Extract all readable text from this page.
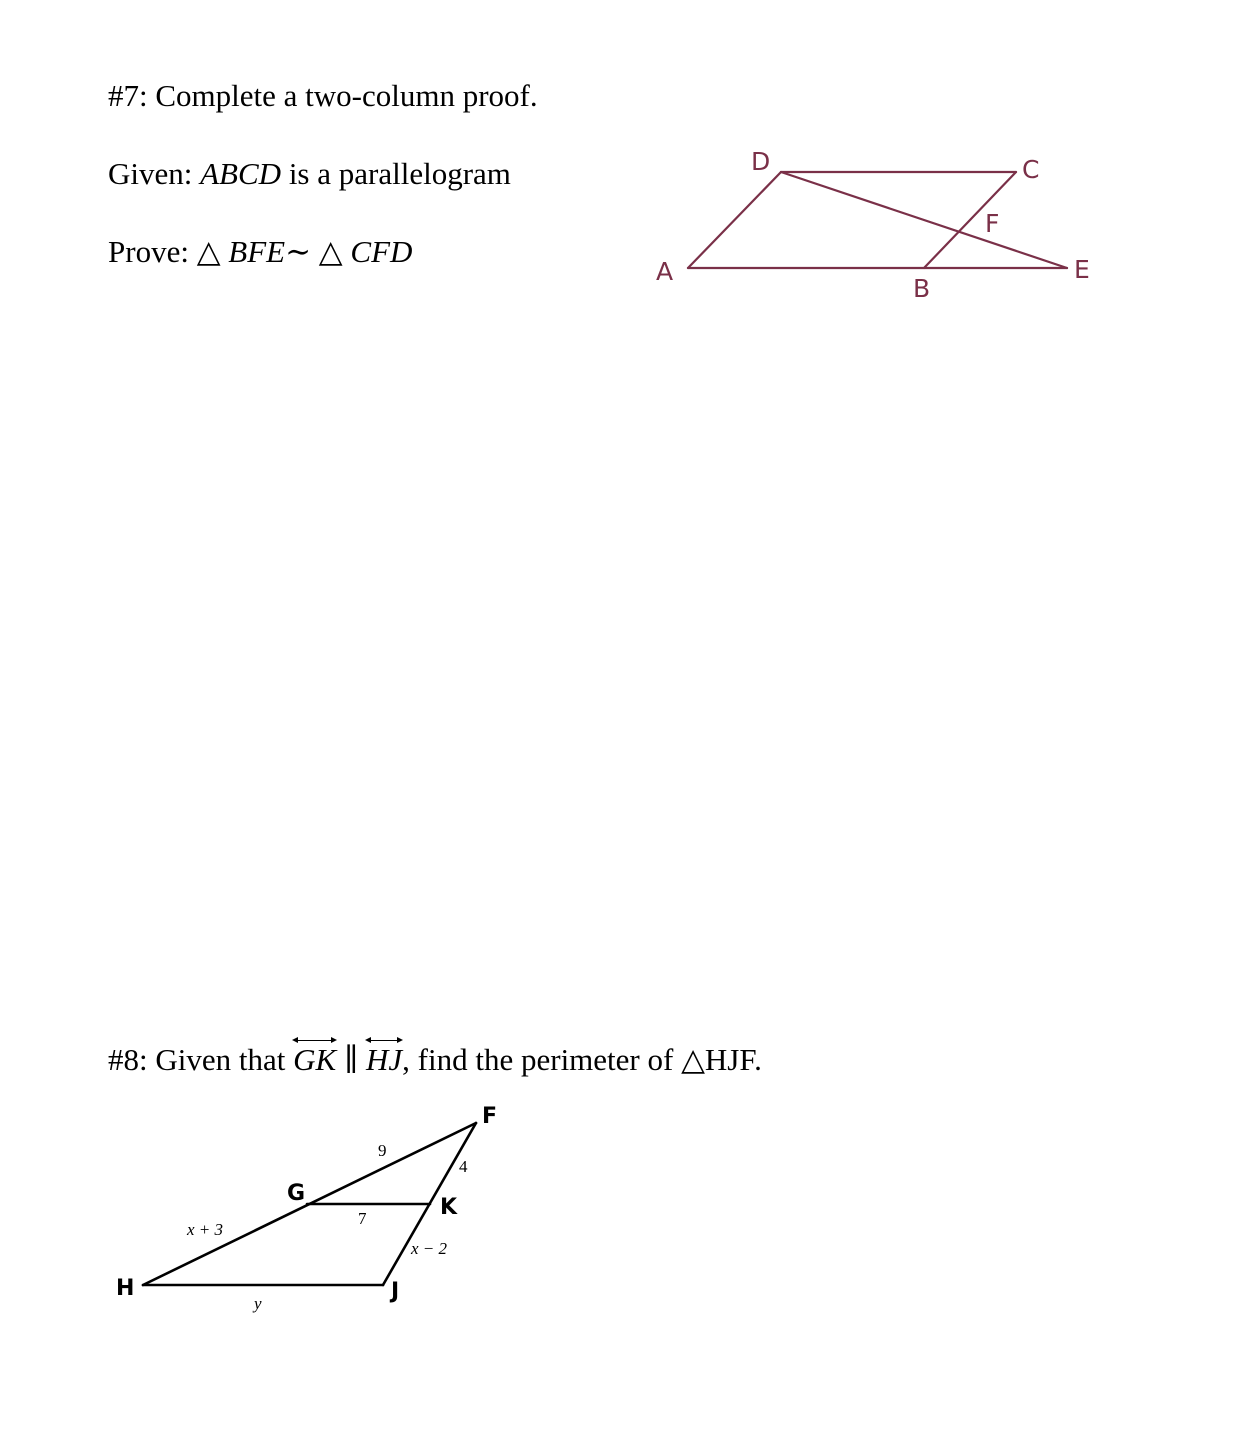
#7: Complete a two-column proof.
Given: ABCD is a parallelogram
Prove: △ BFE∼ △ CFD
D	C
F
A
B
E
#8: Given that
GK ∥ HJ, find the perimeter of △HJF.
F
G
H	J
K
9
4
7
x + 3
x − 2
y
